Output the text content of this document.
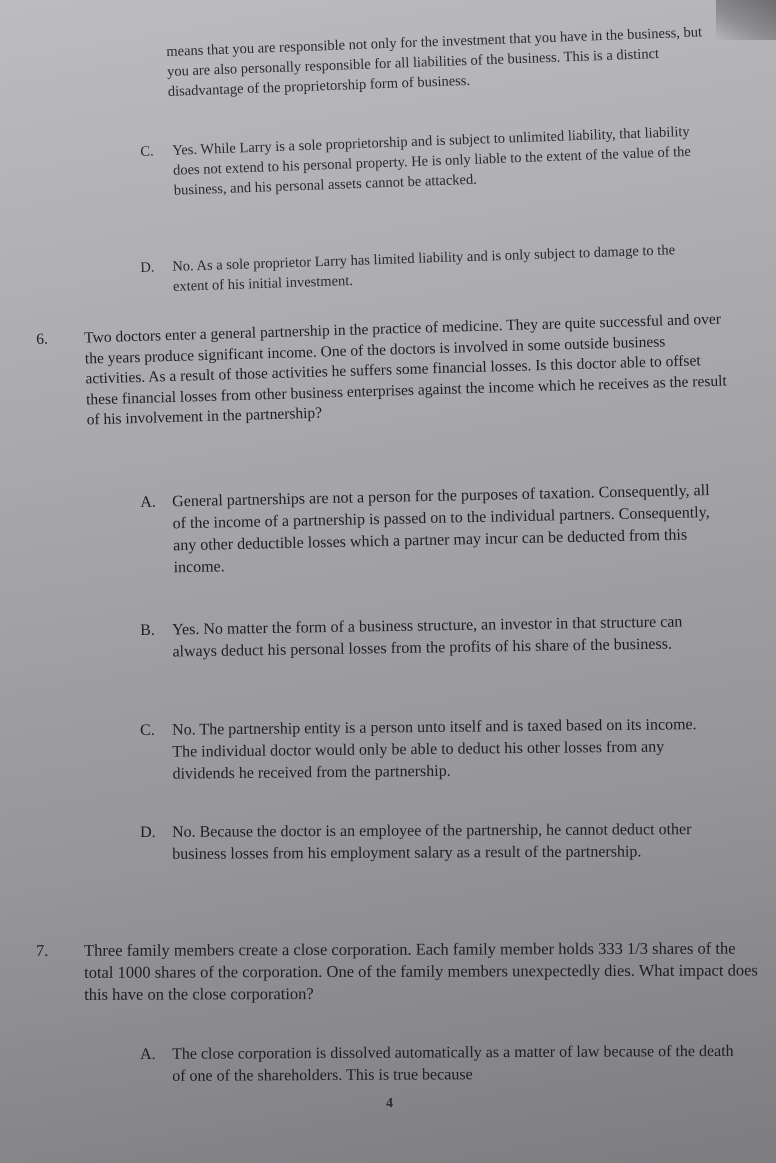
means that you are responsible not only for the investment that you have in the business, but you are also personally responsible for all liabilities of the business. This is a distinct disadvantage of the proprietorship form of business.

C.	Yes. While Larry is a sole proprietorship and is subject to unlimited liability, that liability does not extend to his personal property. He is only liable to the extent of the value of the business, and his personal assets cannot be attacked.
D.	No. As a sole proprietor Larry has limited liability and is only subject to damage to the extent of his initial investment.
6.	Two doctors enter a general partnership in the practice of medicine. They are quite successful and over the years produce significant income. One of the doctors is involved in some outside business activities. As a result of those activities he suffers some financial losses. Is this doctor able to offset these financial losses from other business enterprises against the income which he receives as the result of his involvement in the partnership?
A.	General partnerships are not a person for the purposes of taxation. Consequently, all of the income of a partnership is passed on to the individual partners. Consequently, any other deductible losses which a partner may incur can be deducted from this income.
B.	Yes. No matter the form of a business structure, an investor in that structure can always deduct his personal losses from the profits of his share of the business.
C.	No. The partnership entity is a person unto itself and is taxed based on its income. The individual doctor would only be able to deduct his other losses from any dividends he received from the partnership.
D.	No. Because the doctor is an employee of the partnership, he cannot deduct other business losses from his employment salary as a result of the partnership.
7.	Three family members create a close corporation. Each family member holds 333 1/3 shares of the total 1000 shares of the corporation. One of the family members unexpectedly dies. What impact does this have on the close corporation?
A.	The close corporation is dissolved automatically as a matter of law because of the death of one of the shareholders. This is true because
4
